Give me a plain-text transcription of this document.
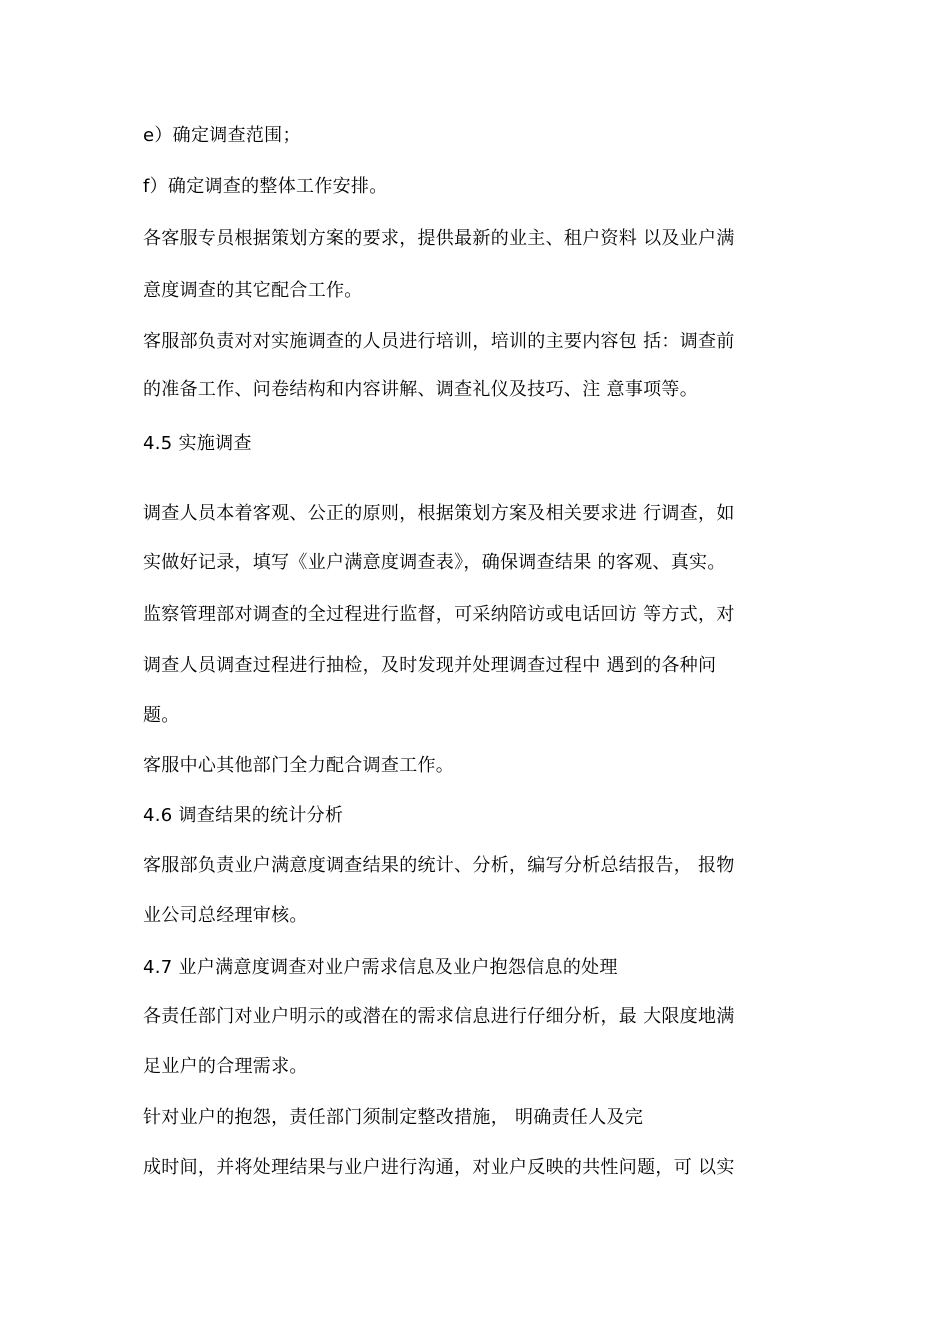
e）确定调查范围；
f）确定调查的整体工作安排。
各客服专员根据策划方案的要求，提供最新的业主、租户资料 以及业户满
意度调查的其它配合工作。
客服部负责对对实施调查的人员进行培训，培训的主要内容包 括：调查前
的准备工作、问卷结构和内容讲解、调查礼仪及技巧、注 意事项等。
4.5 实施调查
调查人员本着客观、公正的原则，根据策划方案及相关要求进 行调查，如
实做好记录，填写《业户满意度调查表》，确保调查结果 的客观、真实。
监察管理部对调查的全过程进行监督，可采纳陪访或电话回访 等方式，对
调查人员调查过程进行抽检，及时发现并处理调查过程中 遇到的各种问
题。
客服中心其他部门全力配合调查工作。
4.6 调查结果的统计分析
客服部负责业户满意度调查结果的统计、分析，编写分析总结报告， 报物
业公司总经理审核。
4.7 业户满意度调查对业户需求信息及业户抱怨信息的处理
各责任部门对业户明示的或潜在的需求信息进行仔细分析，最 大限度地满
足业户的合理需求。
针对业户的抱怨，责任部门须制定整改措施， 明确责任人及完
成时间，并将处理结果与业户进行沟通，对业户反映的共性问题，可 以实
